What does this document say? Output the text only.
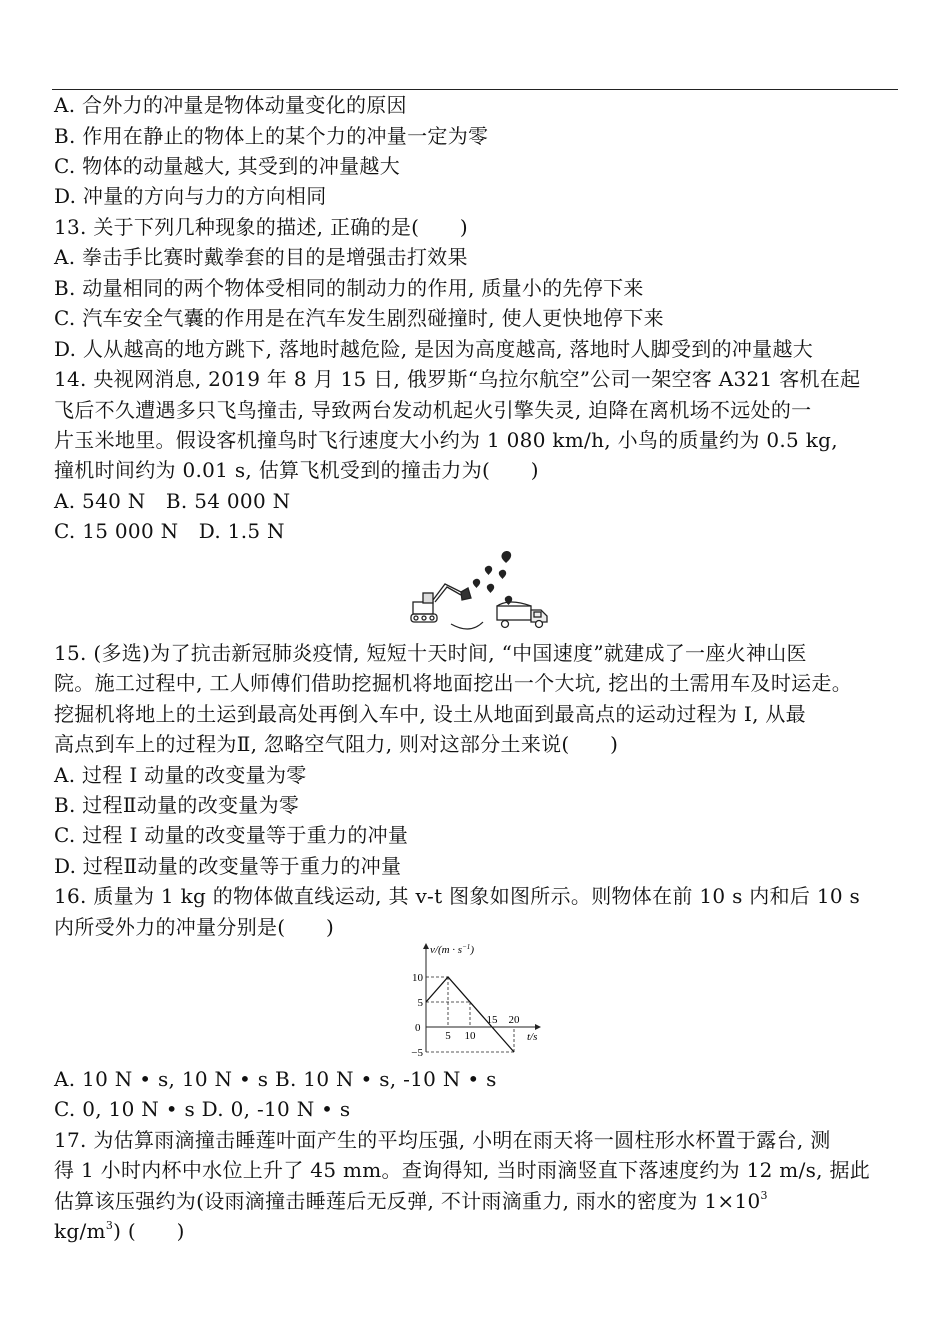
A. 合外力的冲量是物体动量变化的原因
B. 作用在静止的物体上的某个力的冲量一定为零
C. 物体的动量越大, 其受到的冲量越大
D. 冲量的方向与力的方向相同
13. 关于下列几种现象的描述, 正确的是(　　)
A. 拳击手比赛时戴拳套的目的是增强击打效果
B. 动量相同的两个物体受相同的制动力的作用, 质量小的先停下来
C. 汽车安全气囊的作用是在汽车发生剧烈碰撞时, 使人更快地停下来
D. 人从越高的地方跳下, 落地时越危险, 是因为高度越高, 落地时人脚受到的冲量越大
14. 央视网消息, 2019 年 8 月 15 日, 俄罗斯“乌拉尔航空”公司一架空客 A321 客机在起
飞后不久遭遇多只飞鸟撞击, 导致两台发动机起火引擎失灵, 迫降在离机场不远处的一
片玉米地里。假设客机撞鸟时飞行速度大小约为 1 080 km/h, 小鸟的质量约为 0.5 kg,
撞机时间约为 0.01 s, 估算飞机受到的撞击力为(　　)
A. 540 N　B. 54 000 N
C. 15 000 N　D. 1.5 N
15. (多选)为了抗击新冠肺炎疫情, 短短十天时间, “中国速度”就建成了一座火神山医
院。施工过程中, 工人师傅们借助挖掘机将地面挖出一个大坑, 挖出的土需用车及时运走。
挖掘机将地上的土运到最高处再倒入车中, 设土从地面到最高点的运动过程为 Ⅰ, 从最
高点到车上的过程为Ⅱ, 忽略空气阻力, 则对这部分土来说(　　)
A. 过程 Ⅰ 动量的改变量为零
B. 过程Ⅱ动量的改变量为零
C. 过程 Ⅰ 动量的改变量等于重力的冲量
D. 过程Ⅱ动量的改变量等于重力的冲量
16. 质量为 1 kg 的物体做直线运动, 其 v-t 图象如图所示。则物体在前 10 s 内和后 10 s
内所受外力的冲量分别是(　　)
$v/(m \cdot s^{-1})$
t/s
0
10
5
−5
5 10
15 20
A. 10 N • s, 10 N • s B. 10 N • s, -10 N • s
C. 0, 10 N • s D. 0, -10 N • s
17. 为估算雨滴撞击睡莲叶面产生的平均压强, 小明在雨天将一圆柱形水杯置于露台, 测
得 1 小时内杯中水位上升了 45 mm。查询得知, 当时雨滴竖直下落速度约为 12 m/s, 据此
估算该压强约为(设雨滴撞击睡莲后无反弹, 不计雨滴重力, 雨水的密度为 $1\times 10^3$
$kg/m^3$) (　　)
